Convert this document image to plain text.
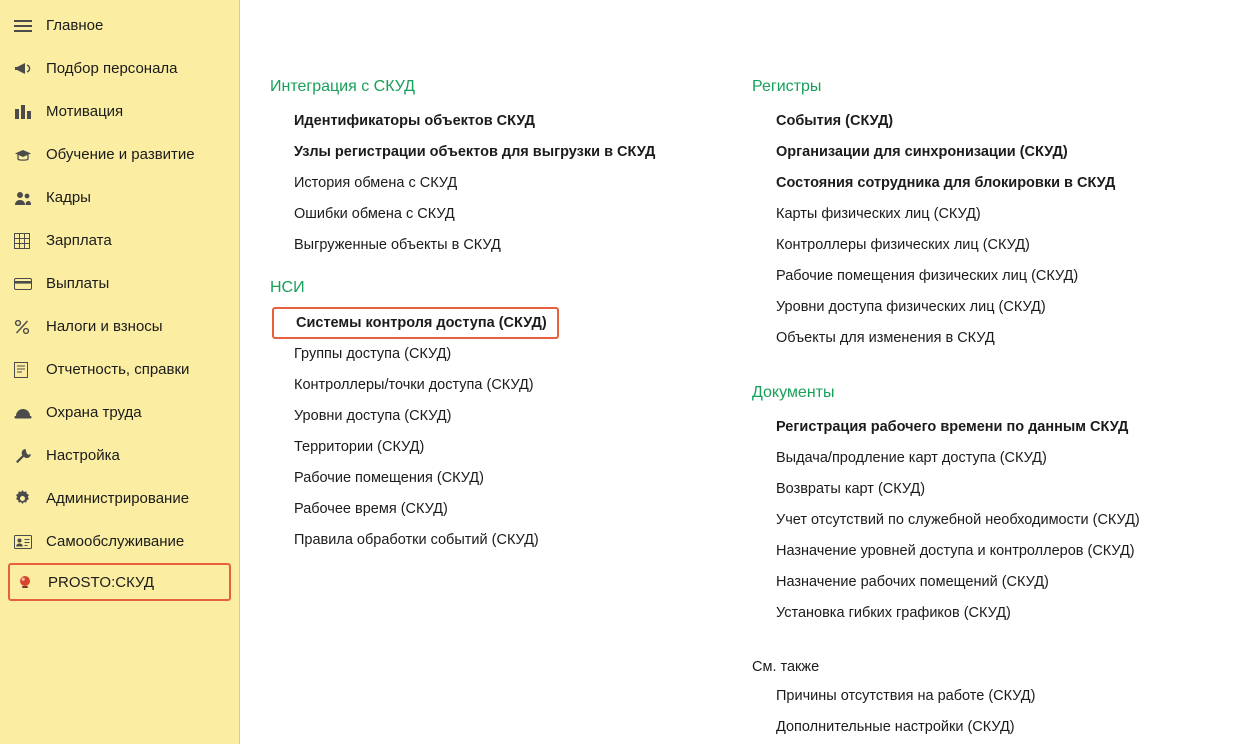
Главное
Подбор персонала
Мотивация
Обучение и развитие
Кадры
Зарплата
Выплаты
Налоги и взносы
Отчетность, справки
Охрана труда
Настройка
Администрирование
Самообслуживание
PROSTO:СКУД
Интеграция с СКУД
Идентификаторы объектов СКУД
Узлы регистрации объектов для выгрузки в СКУД
История обмена с СКУД
Ошибки обмена с СКУД
Выгруженные объекты в СКУД
НСИ
Системы контроля доступа (СКУД)
Группы доступа (СКУД)
Контроллеры/точки доступа (СКУД)
Уровни доступа (СКУД)
Территории (СКУД)
Рабочие помещения (СКУД)
Рабочее время (СКУД)
Правила обработки событий (СКУД)
Регистры
События (СКУД)
Организации для синхронизации (СКУД)
Состояния сотрудника для блокировки в СКУД
Карты физических лиц (СКУД)
Контроллеры физических лиц (СКУД)
Рабочие помещения физических лиц (СКУД)
Уровни доступа физических лиц (СКУД)
Объекты для изменения в СКУД
Документы
Регистрация рабочего времени по данным СКУД
Выдача/продление карт доступа (СКУД)
Возвраты карт (СКУД)
Учет отсутствий по служебной необходимости (СКУД)
Назначение уровней доступа и контроллеров (СКУД)
Назначение рабочих помещений (СКУД)
Установка гибких графиков (СКУД)
См. также
Причины отсутствия на работе (СКУД)
Дополнительные настройки (СКУД)
